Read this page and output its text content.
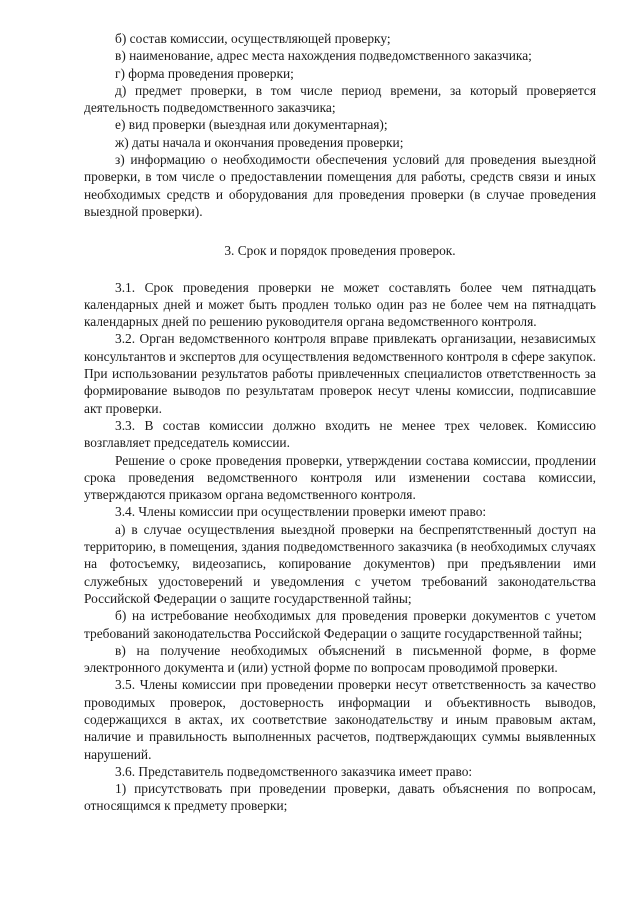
б) состав комиссии, осуществляющей проверку;

в) наименование, адрес места нахождения подведомственного заказчика;

г) форма проведения проверки;

д) предмет проверки, в том числе период времени, за который проверяется деятельность подведомственного заказчика;

е) вид проверки (выездная или документарная);

ж) даты начала и окончания проведения проверки;

з) информацию о необходимости обеспечения условий для проведения выездной проверки, в том числе о предоставлении помещения для работы, средств связи и иных необходимых средств и оборудования для проведения проверки (в случае проведения выездной проверки).

3. Срок и порядок проведения проверок.

3.1. Срок проведения проверки не может составлять более чем пятнадцать календарных дней и может быть продлен только один раз не более чем на пятнадцать календарных дней по решению руководителя органа ведомственного контроля.

3.2. Орган ведомственного контроля вправе привлекать организации, независимых консультантов и экспертов для осуществления ведомственного контроля в сфере закупок. При использовании результатов работы привлеченных специалистов ответственность за формирование выводов по результатам проверок несут члены комиссии, подписавшие акт проверки.

3.3. В состав комиссии должно входить не менее трех человек. Комиссию возглавляет председатель комиссии.

Решение о сроке проведения проверки, утверждении состава комиссии, продлении срока проведения ведомственного контроля или изменении состава комиссии, утверждаются приказом органа ведомственного контроля.

3.4. Члены комиссии при осуществлении проверки имеют право:

а) в случае осуществления выездной проверки на беспрепятственный доступ на территорию, в помещения, здания подведомственного заказчика (в необходимых случаях на фотосъемку, видеозапись, копирование документов) при предъявлении ими служебных удостоверений и уведомления с учетом требований законодательства Российской Федерации о защите государственной тайны;

б) на истребование необходимых для проведения проверки документов с учетом требований законодательства Российской Федерации о защите государственной тайны;

в) на получение необходимых объяснений в письменной форме, в форме электронного документа и (или) устной форме по вопросам проводимой проверки.

3.5. Члены комиссии при проведении проверки несут ответственность за качество проводимых проверок, достоверность информации и объективность выводов, содержащихся в актах, их соответствие законодательству и иным правовым актам, наличие и правильность выполненных расчетов, подтверждающих суммы выявленных нарушений.

3.6. Представитель подведомственного заказчика имеет право:

1) присутствовать при проведении проверки, давать объяснения по вопросам, относящимся к предмету проверки;
